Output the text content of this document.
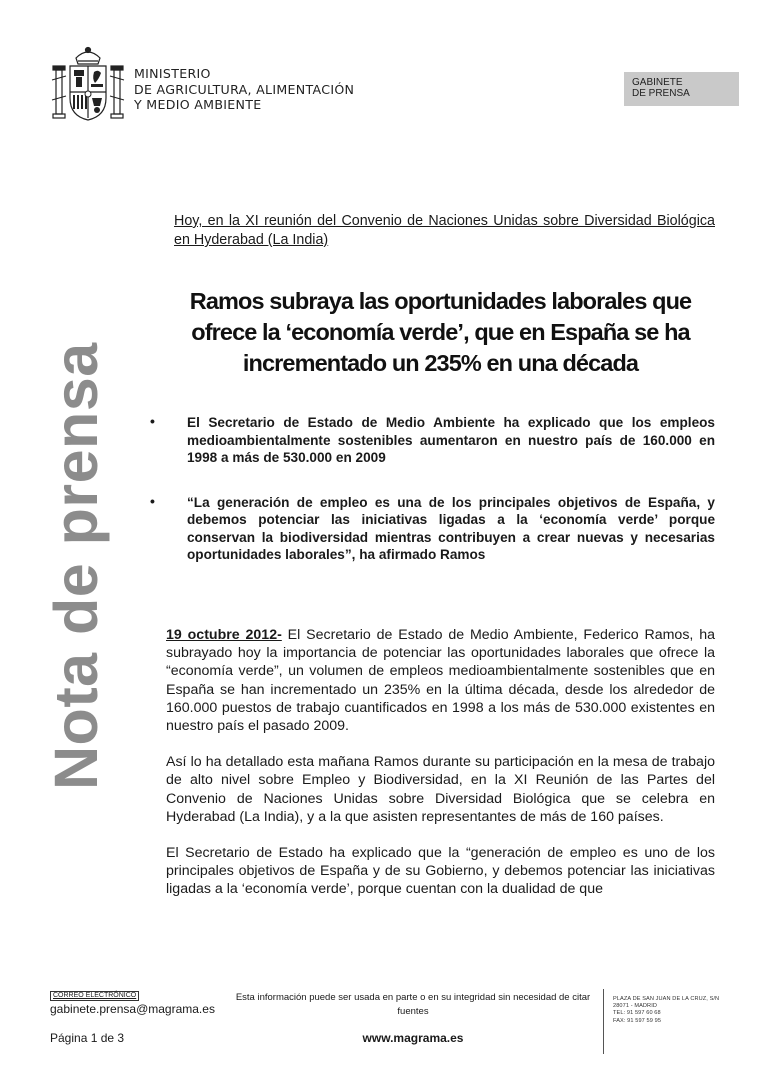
MINISTERIO
DE AGRICULTURA, ALIMENTACIÓN
Y MEDIO AMBIENTE
GABINETE
DE PRENSA
Nota de prensa
Hoy, en la XI reunión del Convenio de Naciones Unidas sobre Diversidad Biológica en Hyderabad (La India)
Ramos subraya las oportunidades laborales que ofrece la ‘economía verde’, que en España se ha incrementado un 235% en una década
• El Secretario de Estado de Medio Ambiente ha explicado que los empleos medioambientalmente sostenibles aumentaron en nuestro país de 160.000 en 1998 a más de 530.000 en 2009
• “La generación de empleo es una de los principales objetivos de España, y debemos potenciar las iniciativas ligadas a la ‘economía verde’ porque conservan la biodiversidad mientras contribuyen a crear nuevas y necesarias oportunidades laborales”, ha afirmado Ramos

19 octubre 2012- El Secretario de Estado de Medio Ambiente, Federico Ramos, ha subrayado hoy la importancia de potenciar las oportunidades laborales que ofrece la “economía verde”, un volumen de empleos medioambientalmente sostenibles que en España se han incrementado un 235% en la última década, desde los alrededor de 160.000 puestos de trabajo cuantificados en 1998 a los más de 530.000 existentes en nuestro país el pasado 2009.

Así lo ha detallado esta mañana Ramos durante su participación en la mesa de trabajo de alto nivel sobre Empleo y Biodiversidad, en la XI Reunión de las Partes del Convenio de Naciones Unidas sobre Diversidad Biológica que se celebra en Hyderabad (La India), y a la que asisten representantes de más de 160 países.

El Secretario de Estado ha explicado que la “generación de empleo es uno de los principales objetivos de España y de su Gobierno, y debemos potenciar las iniciativas ligadas a la ‘economía verde’, porque cuentan con la dualidad de que

CORREO ELECTRÓNICO
gabinete.prensa@magrama.es
Página 1 de 3
Esta información puede ser usada en parte o en su integridad sin necesidad de citar fuentes
www.magrama.es
PLAZA DE SAN JUAN DE LA CRUZ, S/N
28071 - MADRID
TEL: 91 597 60 68
FAX: 91 597 59 95
